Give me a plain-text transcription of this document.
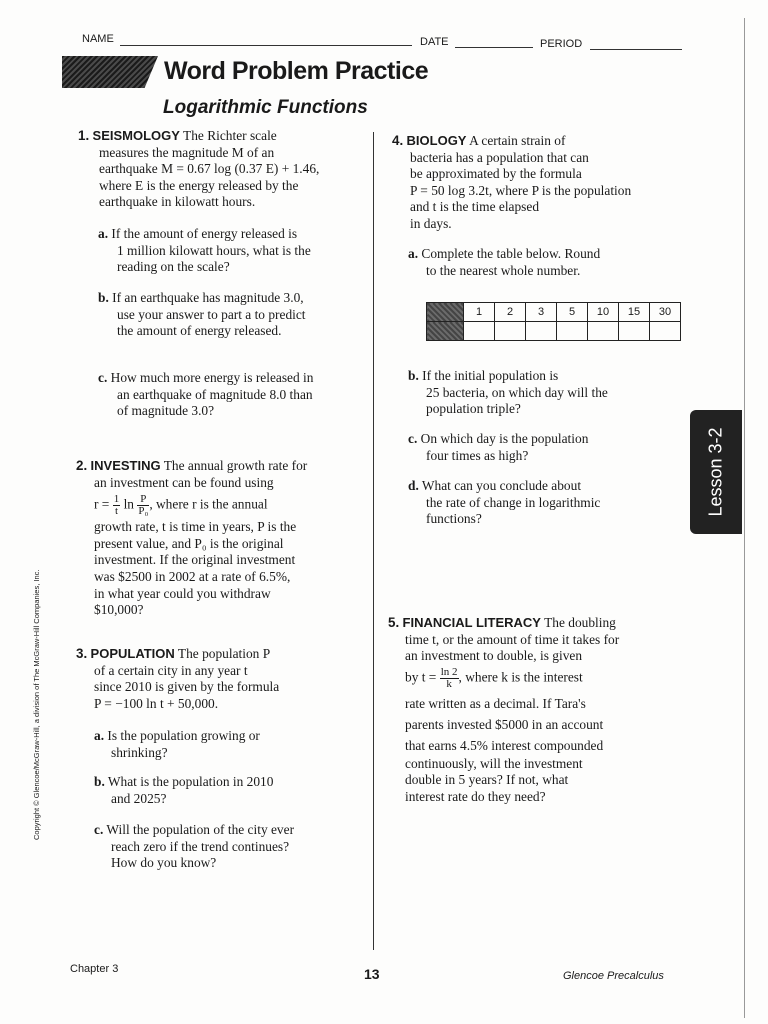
NAME	DATE	PERIOD
Word Problem Practice
Logarithmic Functions
1. SEISMOLOGY The Richter scale
measures the magnitude M of an
earthquake M = 0.67 log (0.37 E) + 1.46,
where E is the energy released by the
earthquake in kilowatt hours.
a. If the amount of energy released is
1 million kilowatt hours, what is the
reading on the scale?
b. If an earthquake has magnitude 3.0,
use your answer to part a to predict
the amount of energy released.
c. How much more energy is released in
an earthquake of magnitude 8.0 than
of magnitude 3.0?
2. INVESTING The annual growth rate for
an investment can be found using
$r = \frac{1}{t}$ $\ln \frac{P}{\text{P₀}}$ , where r is the annual
growth rate, t is time in years, P is the
present value, and P₀ is the original
investment. If the original investment
was $2500 in 2002 at a rate of 6.5%,
in what year could you withdraw
$10,000?
3. POPULATION The population P
of a certain city in any year t
since 2010 is given by the formula
P = −100 ln t + 50,000.
a. Is the population growing or
shrinking?
b. What is the population in 2010
and 2025?
c. Will the population of the city ever
reach zero if the trend continues?
How do you know?
4. BIOLOGY A certain strain of
bacteria has a population that can
be approximated by the formula
P = 50 log 3.2t, where P is the population
and t is the time elapsed
in days.
a. Complete the table below. Round
to the nearest whole number.
	1	2	3	5	10	15	30

b. If the initial population is
25 bacteria, on which day will the
population triple?
c. On which day is the population
four times as high?
d. What can you conclude about
the rate of change in logarithmic
functions?
5. FINANCIAL LITERACY The doubling
time t, or the amount of time it takes for
an investment to double, is given
by $t = \frac{\ln 2}{k}$ , where k is the interest
rate written as a decimal. If Tara's
parents invested $5000 in an account
that earns 4.5% interest compounded
continuously, will the investment
double in 5 years? If not, what
interest rate do they need?
Lesson 3-2
Copyright © Glencoe/McGraw-Hill, a division of The McGraw-Hill Companies, Inc.
Chapter 3	13	Glencoe Precalculus
